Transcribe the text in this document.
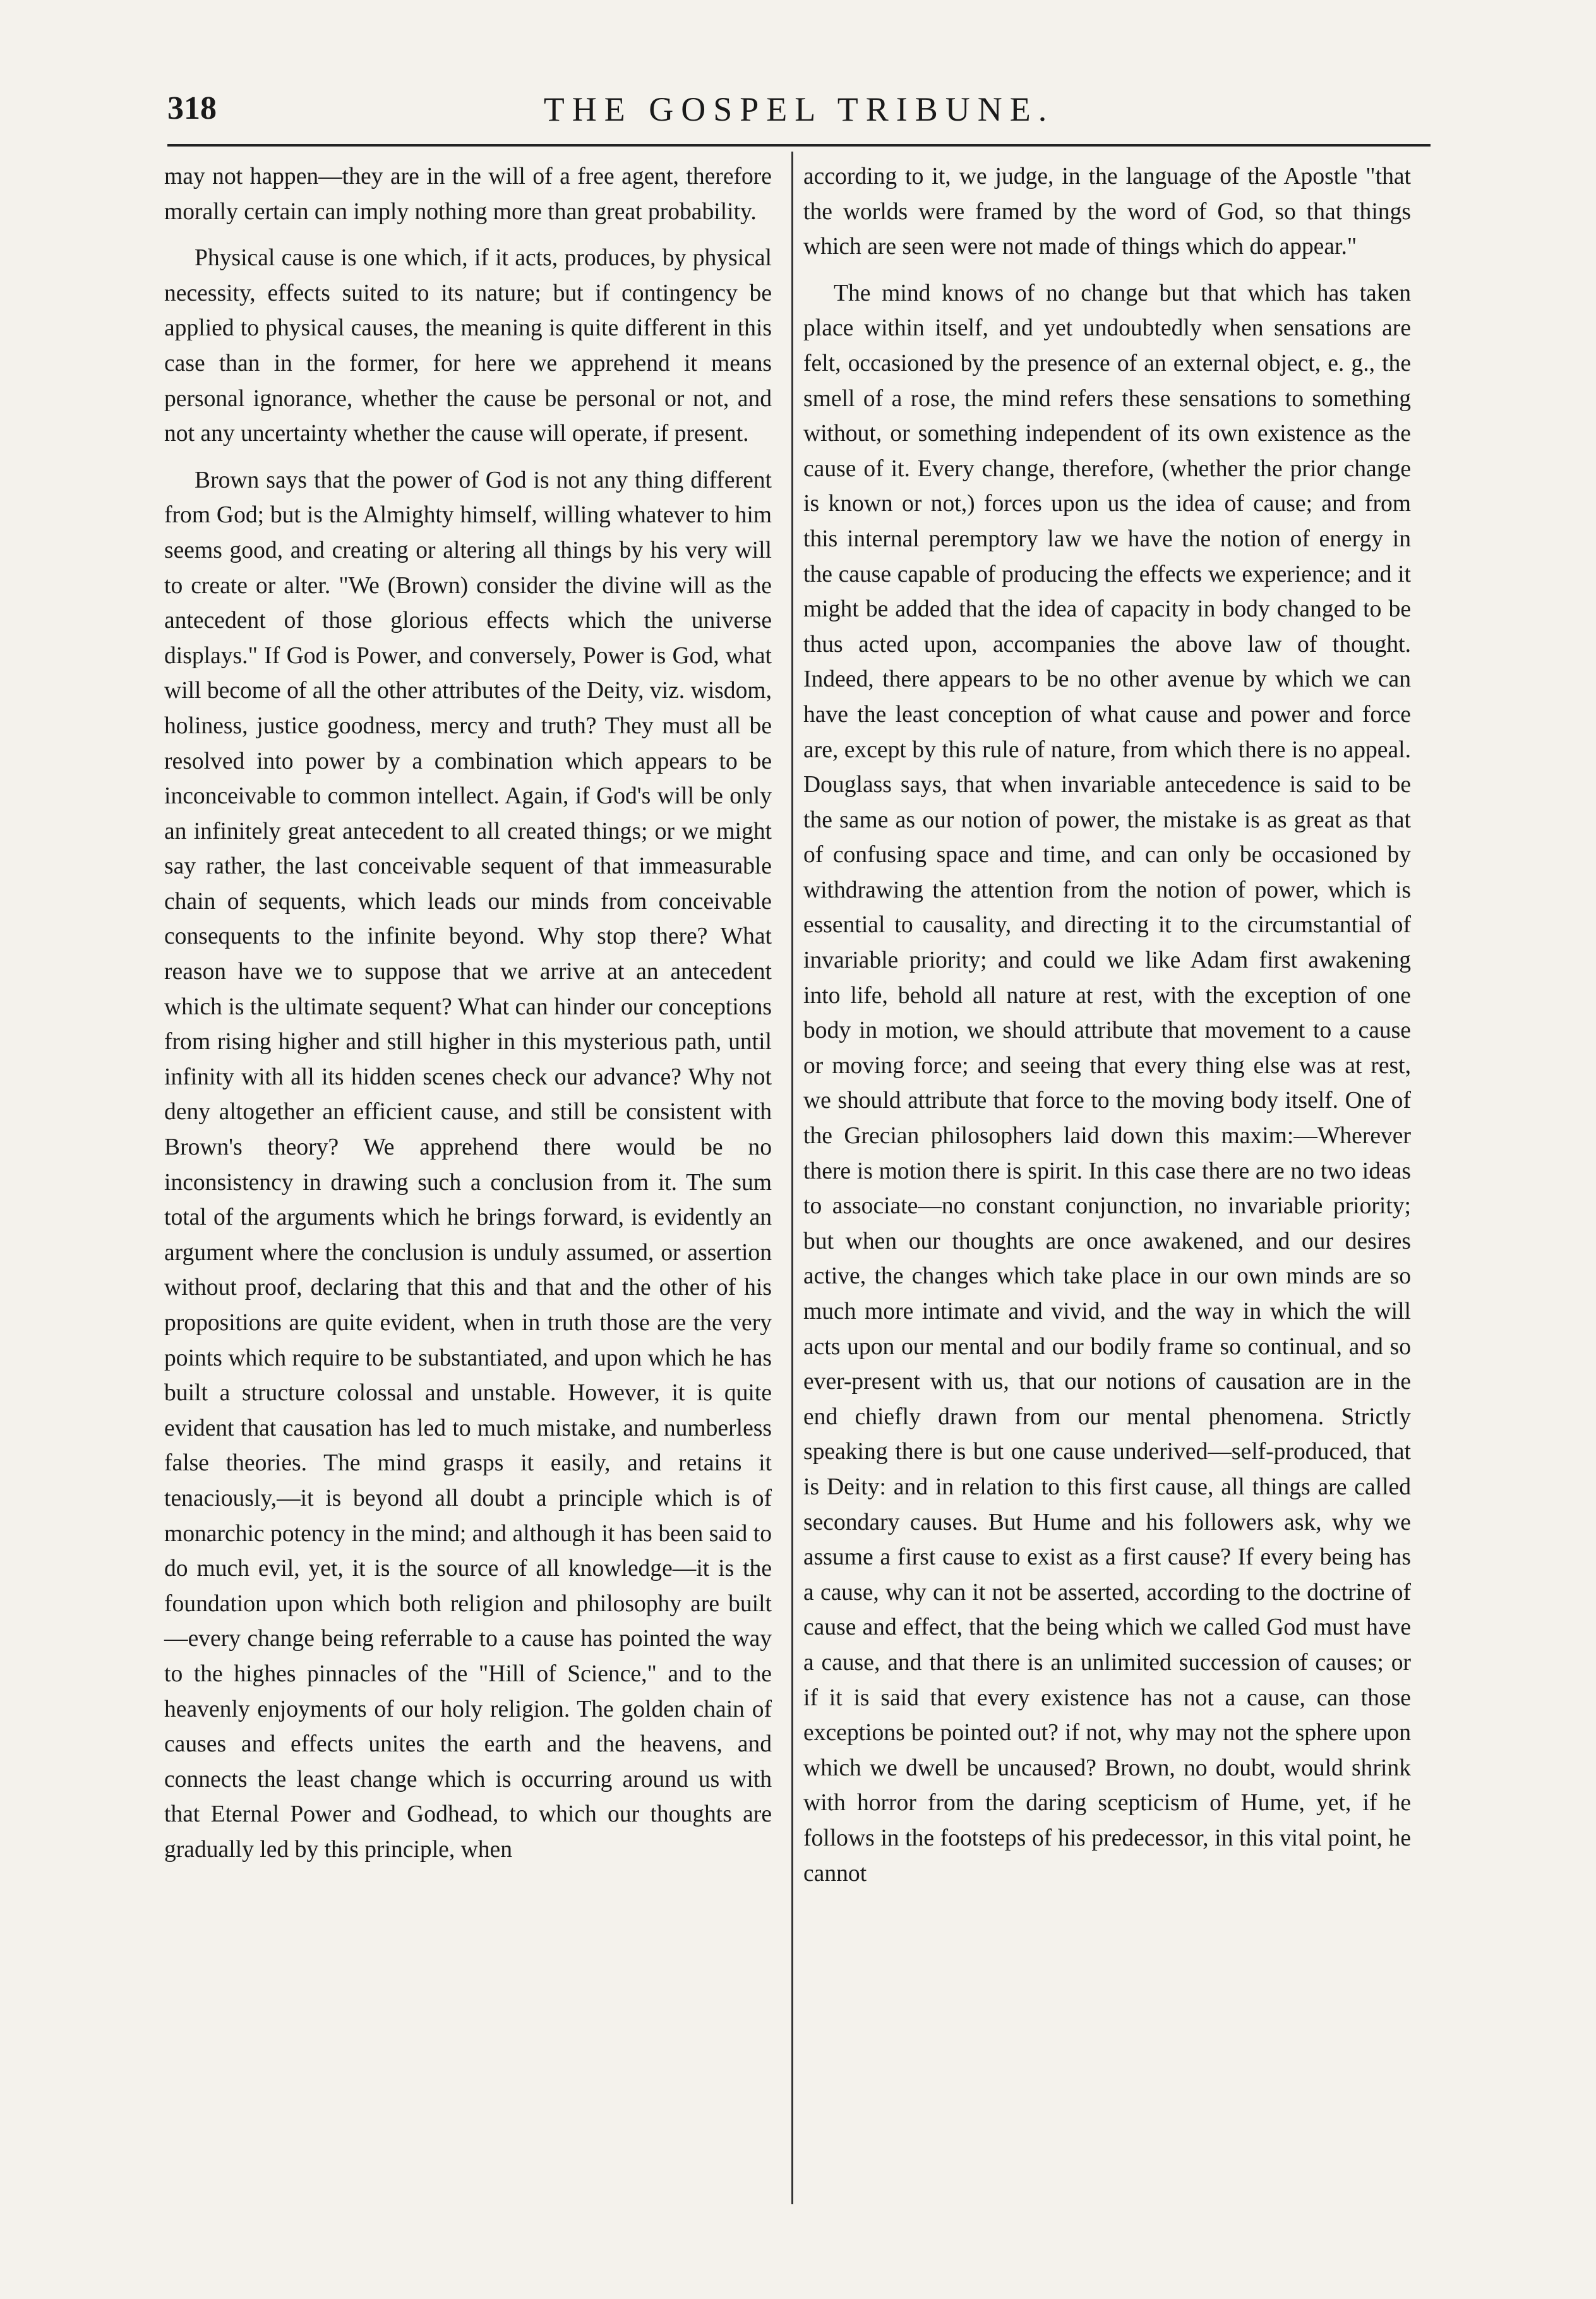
318	THE GOSPEL TRIBUNE.

may not happen—they are in the will of a free agent, therefore morally certain can imply nothing more than great probability.

Physical cause is one which, if it acts, produces, by physical necessity, effects suited to its nature; but if contingency be applied to physical causes, the meaning is quite different in this case than in the former, for here we apprehend it means personal ignorance, whether the cause be personal or not, and not any uncertainty whether the cause will operate, if present.

Brown says that the power of God is not any thing different from God; but is the Almighty himself, willing whatever to him seems good, and creating or altering all things by his very will to create or alter. "We (Brown) consider the divine will as the antecedent of those glorious effects which the universe displays." If God is Power, and conversely, Power is God, what will become of all the other attributes of the Deity, viz. wisdom, holiness, justice goodness, mercy and truth? They must all be resolved into power by a combination which appears to be inconceivable to common intellect. Again, if God's will be only an infinitely great antecedent to all created things; or we might say rather, the last conceivable sequent of that immeasurable chain of sequents, which leads our minds from conceivable consequents to the infinite beyond. Why stop there? What reason have we to suppose that we arrive at an antecedent which is the ultimate sequent? What can hinder our conceptions from rising higher and still higher in this mysterious path, until infinity with all its hidden scenes check our advance? Why not deny altogether an efficient cause, and still be consistent with Brown's theory? We apprehend there would be no inconsistency in drawing such a conclusion from it. The sum total of the arguments which he brings forward, is evidently an argument where the conclusion is unduly assumed, or assertion without proof, declaring that this and that and the other of his propositions are quite evident, when in truth those are the very points which require to be substantiated, and upon which he has built a structure colossal and unstable. However, it is quite evident that causation has led to much mistake, and numberless false theories. The mind grasps it easily, and retains it tenaciously,—it is beyond all doubt a principle which is of monarchic potency in the mind; and although it has been said to do much evil, yet, it is the source of all knowledge—it is the foundation upon which both religion and philosophy are built—every change being referrable to a cause has pointed the way to the highes pinnacles of the "Hill of Science," and to the heavenly enjoyments of our holy religion. The golden chain of causes and effects unites the earth and the heavens, and connects the least change which is occurring around us with that Eternal Power and Godhead, to which our thoughts are gradually led by this principle, when

according to it, we judge, in the language of the Apostle "that the worlds were framed by the word of God, so that things which are seen were not made of things which do appear."

The mind knows of no change but that which has taken place within itself, and yet undoubtedly when sensations are felt, occasioned by the presence of an external object, e. g., the smell of a rose, the mind refers these sensations to something without, or something independent of its own existence as the cause of it. Every change, therefore, (whether the prior change is known or not,) forces upon us the idea of cause; and from this internal peremptory law we have the notion of energy in the cause capable of producing the effects we experience; and it might be added that the idea of capacity in body changed to be thus acted upon, accompanies the above law of thought. Indeed, there appears to be no other avenue by which we can have the least conception of what cause and power and force are, except by this rule of nature, from which there is no appeal. Douglass says, that when invariable antecedence is said to be the same as our notion of power, the mistake is as great as that of confusing space and time, and can only be occasioned by withdrawing the attention from the notion of power, which is essential to causality, and directing it to the circumstantial of invariable priority; and could we like Adam first awakening into life, behold all nature at rest, with the exception of one body in motion, we should attribute that movement to a cause or moving force; and seeing that every thing else was at rest, we should attribute that force to the moving body itself. One of the Grecian philosophers laid down this maxim:—Wherever there is motion there is spirit. In this case there are no two ideas to associate—no constant conjunction, no invariable priority; but when our thoughts are once awakened, and our desires active, the changes which take place in our own minds are so much more intimate and vivid, and the way in which the will acts upon our mental and our bodily frame so continual, and so ever-present with us, that our notions of causation are in the end chiefly drawn from our mental phenomena. Strictly speaking there is but one cause underived—self-produced, that is Deity: and in relation to this first cause, all things are called secondary causes. But Hume and his followers ask, why we assume a first cause to exist as a first cause? If every being has a cause, why can it not be asserted, according to the doctrine of cause and effect, that the being which we called God must have a cause, and that there is an unlimited succession of causes; or if it is said that every existence has not a cause, can those exceptions be pointed out? if not, why may not the sphere upon which we dwell be uncaused? Brown, no doubt, would shrink with horror from the daring scepticism of Hume, yet, if he follows in the footsteps of his predecessor, in this vital point, he cannot
